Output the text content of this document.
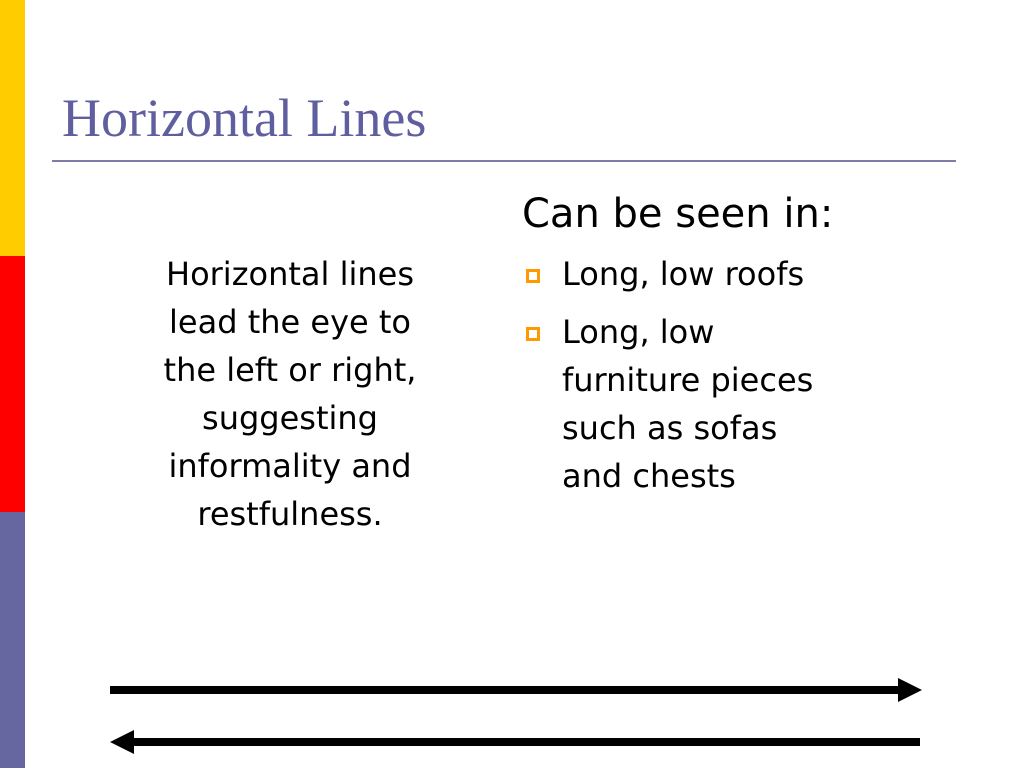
Horizontal Lines

Horizontal lines
lead the eye to
the left or right,
suggesting
informality and
restfulness.

Can be seen in:
Long, low roofs
Long, low
furniture pieces
such as sofas
and chests
